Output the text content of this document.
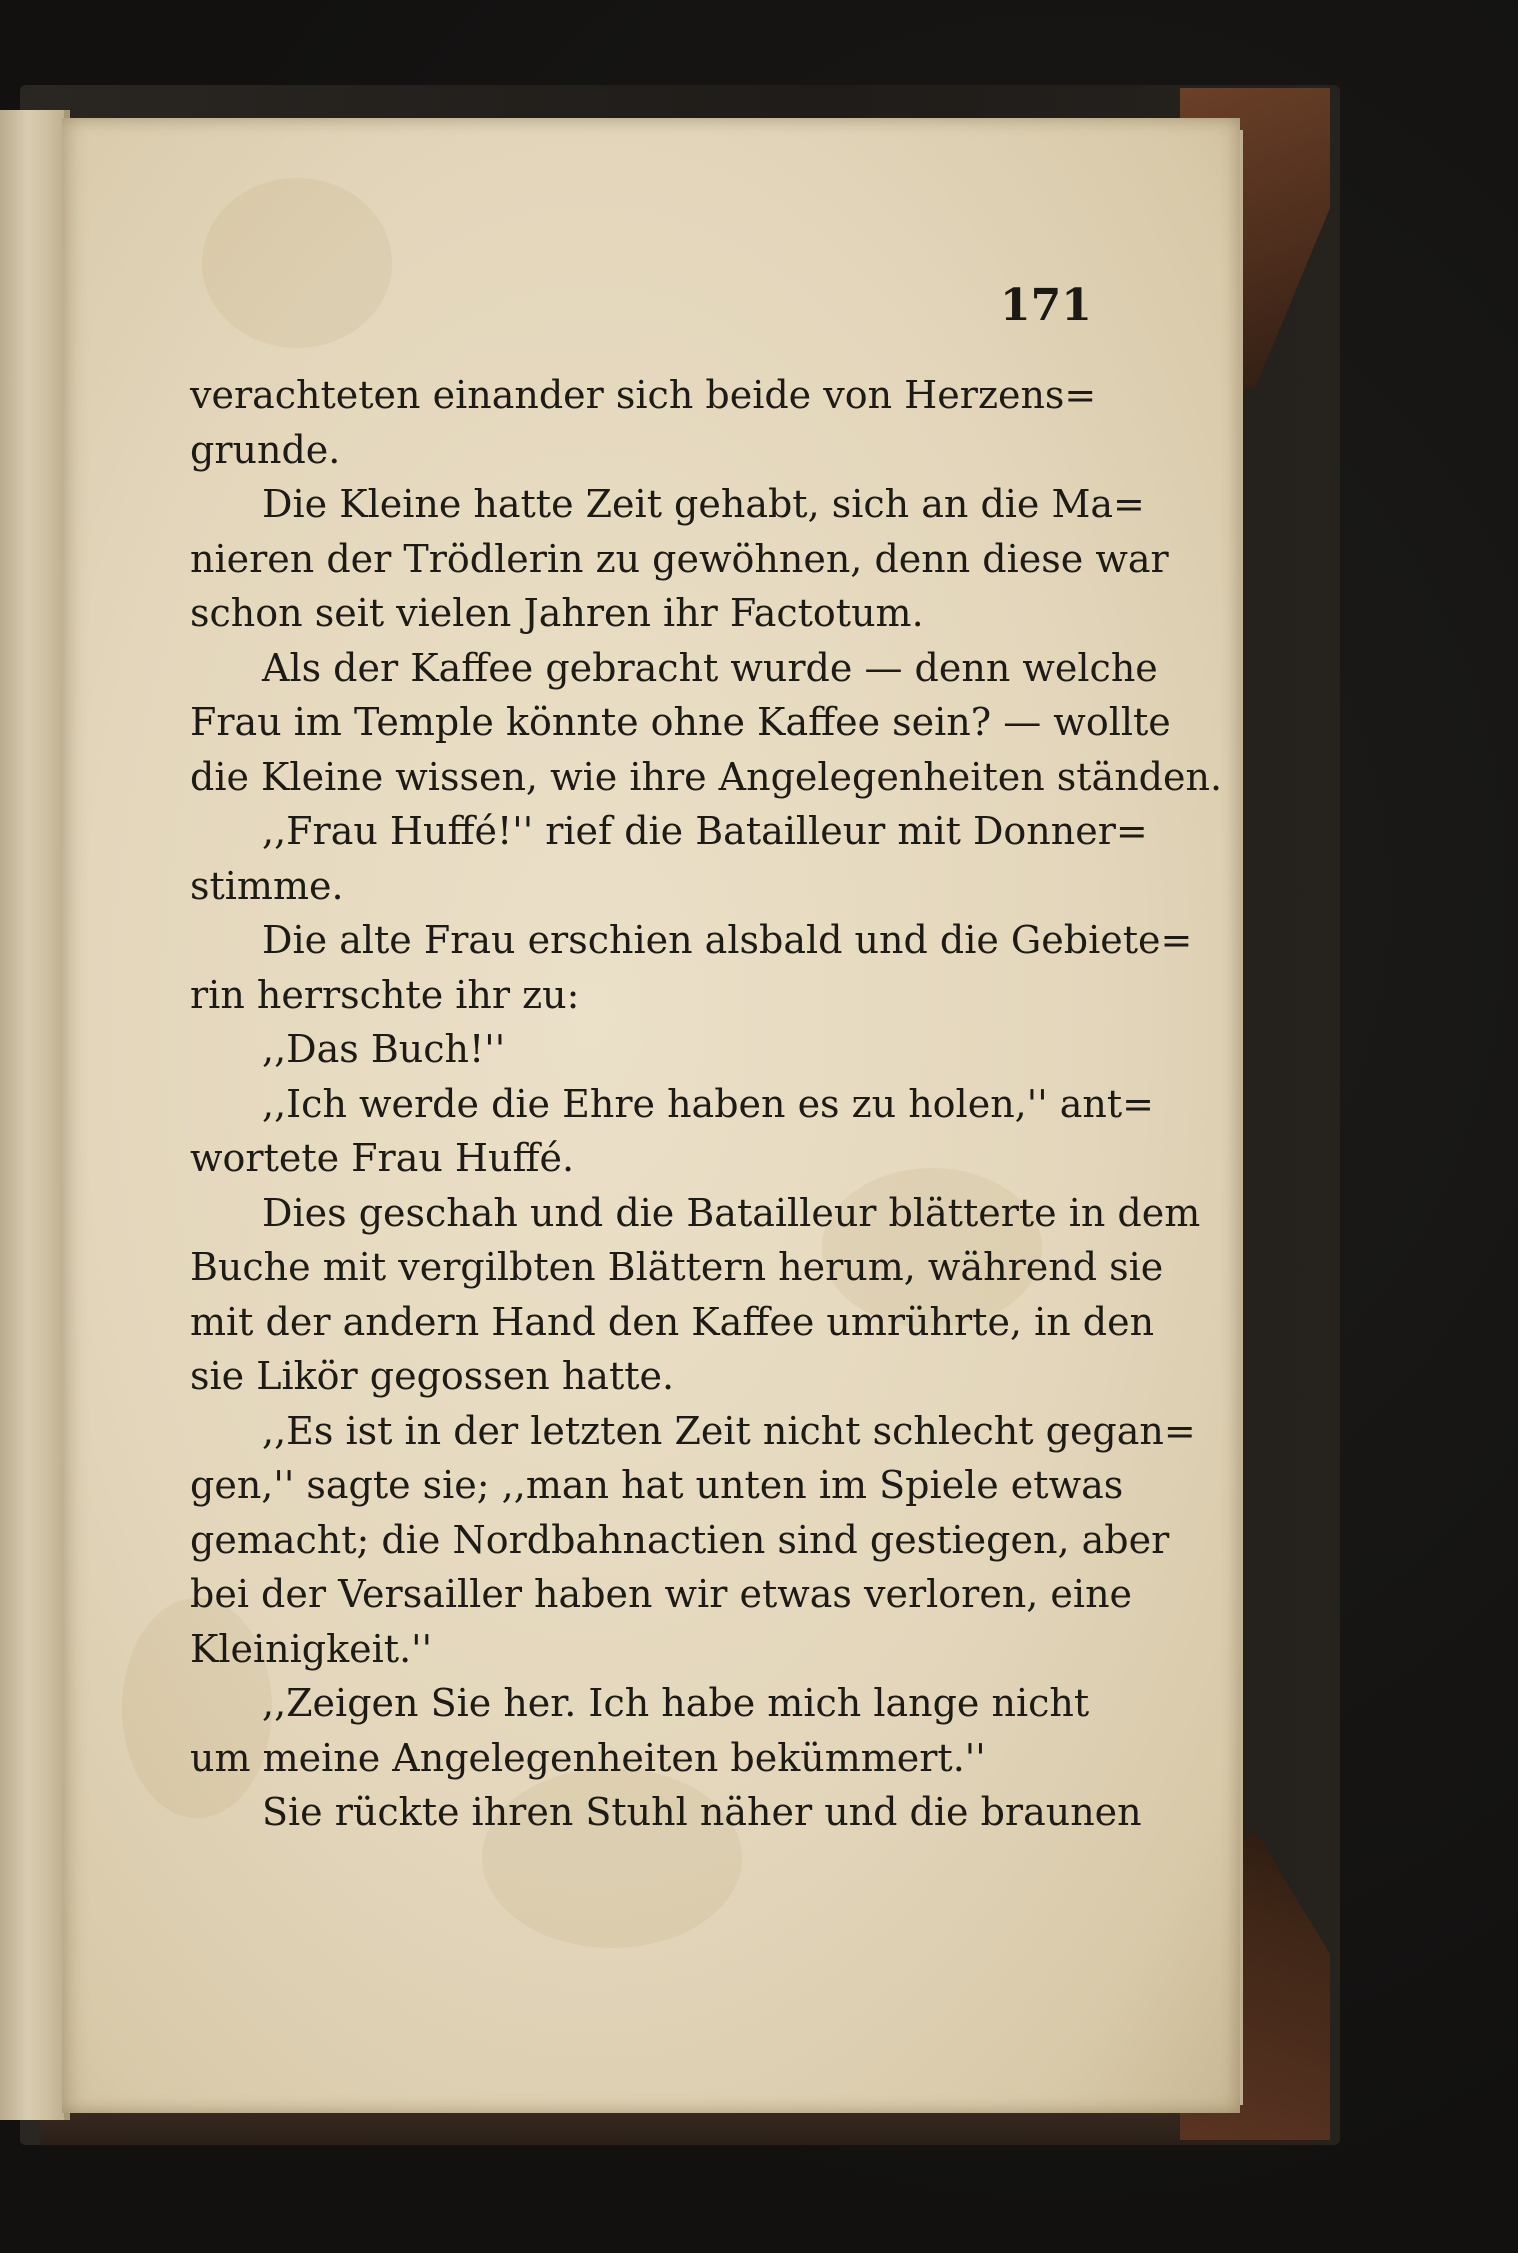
171
verachteten einander sich beide von Herzens=
grunde.
Die Kleine hatte Zeit gehabt, sich an die Ma=
nieren der Trödlerin zu gewöhnen, denn diese war
schon seit vielen Jahren ihr Factotum.
Als der Kaffee gebracht wurde — denn welche
Frau im Temple könnte ohne Kaffee sein? — wollte
die Kleine wissen, wie ihre Angelegenheiten ständen.
,,Frau Huffé!'' rief die Batailleur mit Donner=
stimme.
Die alte Frau erschien alsbald und die Gebiete=
rin herrschte ihr zu:
,,Das Buch!''
,,Ich werde die Ehre haben es zu holen,'' ant=
wortete Frau Huffé.
Dies geschah und die Batailleur blätterte in dem
Buche mit vergilbten Blättern herum, während sie
mit der andern Hand den Kaffee umrührte, in den
sie Likör gegossen hatte.
,,Es ist in der letzten Zeit nicht schlecht gegan=
gen,'' sagte sie; ,,man hat unten im Spiele etwas
gemacht; die Nordbahnactien sind gestiegen, aber
bei der Versailler haben wir etwas verloren, eine
Kleinigkeit.''
,,Zeigen Sie her. Ich habe mich lange nicht
um meine Angelegenheiten bekümmert.''
Sie rückte ihren Stuhl näher und die braunen
